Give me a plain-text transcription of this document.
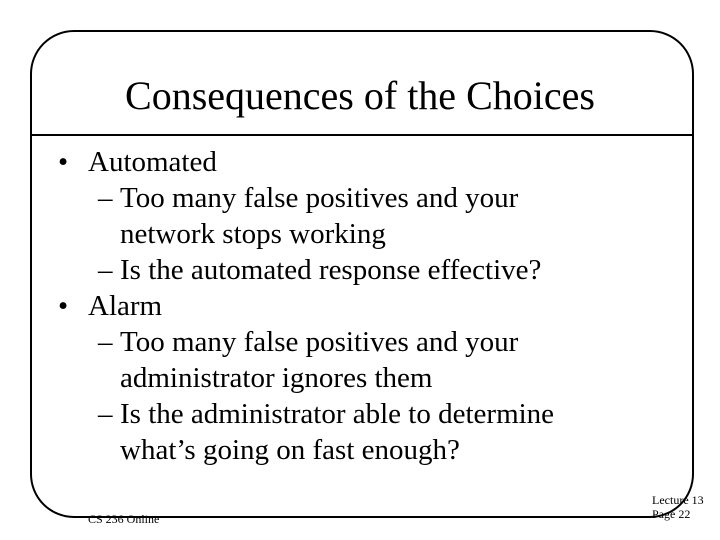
Consequences of the Choices
• Automated
– Too many false positives and your
network stops working
– Is the automated response effective?
• Alarm
– Too many false positives and your
administrator ignores them
– Is the administrator able to determine
what’s going on fast enough?
CS 236 Online
Lecture 13
Page 22
